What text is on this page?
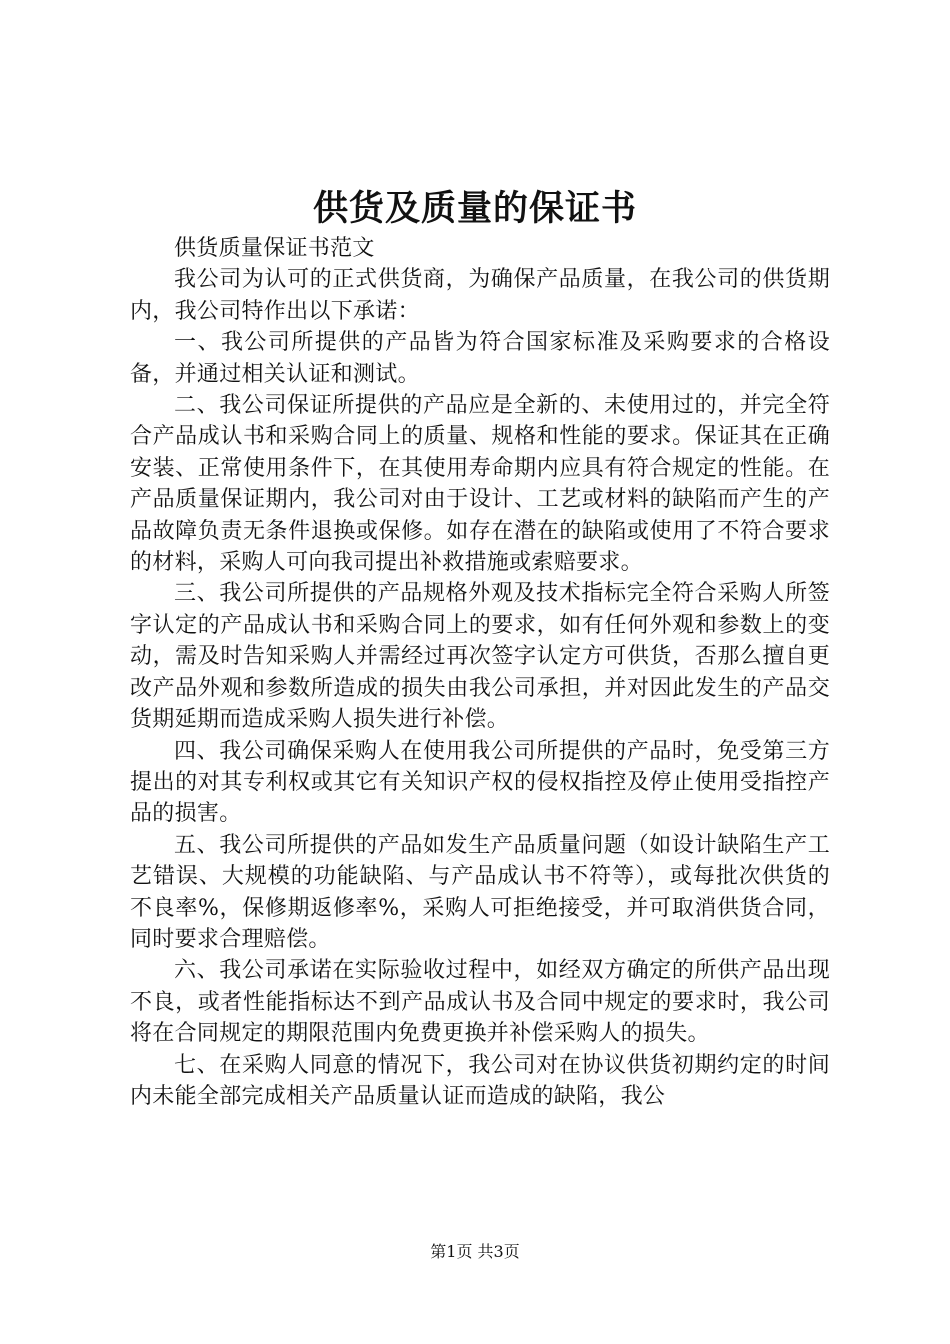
供货及质量的保证书

供货质量保证书范文

我公司为认可的正式供货商，为确保产品质量，在我公司的供货期内，我公司特作出以下承诺：

一、我公司所提供的产品皆为符合国家标准及采购要求的合格设备，并通过相关认证和测试。

二、我公司保证所提供的产品应是全新的、未使用过的，并完全符合产品成认书和采购合同上的质量、规格和性能的要求。保证其在正确安装、正常使用条件下，在其使用寿命期内应具有符合规定的性能。在产品质量保证期内，我公司对由于设计、工艺或材料的缺陷而产生的产品故障负责无条件退换或保修。如存在潜在的缺陷或使用了不符合要求的材料，采购人可向我司提出补救措施或索赔要求。

三、我公司所提供的产品规格外观及技术指标完全符合采购人所签字认定的产品成认书和采购合同上的要求，如有任何外观和参数上的变动，需及时告知采购人并需经过再次签字认定方可供货，否那么擅自更改产品外观和参数所造成的损失由我公司承担，并对因此发生的产品交货期延期而造成采购人损失进行补偿。

四、我公司确保采购人在使用我公司所提供的产品时，免受第三方提出的对其专利权或其它有关知识产权的侵权指控及停止使用受指控产品的损害。

五、我公司所提供的产品如发生产品质量问题（如设计缺陷生产工艺错误、大规模的功能缺陷、与产品成认书不符等），或每批次供货的不良率%，保修期返修率%，采购人可拒绝接受，并可取消供货合同，同时要求合理赔偿。

六、我公司承诺在实际验收过程中，如经双方确定的所供产品出现不良，或者性能指标达不到产品成认书及合同中规定的要求时，我公司将在合同规定的期限范围内免费更换并补偿采购人的损失。

七、在采购人同意的情况下，我公司对在协议供货初期约定的时间内未能全部完成相关产品质量认证而造成的缺陷，我公

第1页 共3页
